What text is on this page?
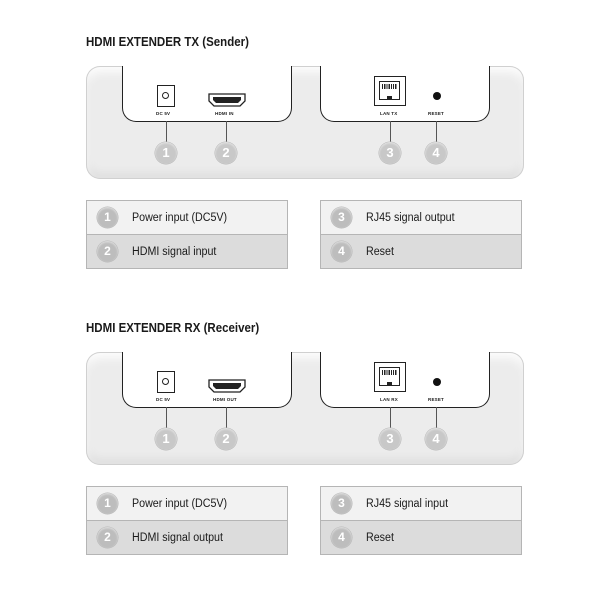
HDMI EXTENDER TX (Sender)
DC 5V	HDMI IN	LAN TX	RESET
1	2	3	4
1	Power input (DC5V)
2	HDMI signal input
3	RJ45 signal output
4	Reset
HDMI EXTENDER RX (Receiver)
DC 5V	HDMI OUT	LAN RX	RESET
1	2	3	4
1	Power input (DC5V)
2	HDMI signal output
3	RJ45 signal input
4	Reset
